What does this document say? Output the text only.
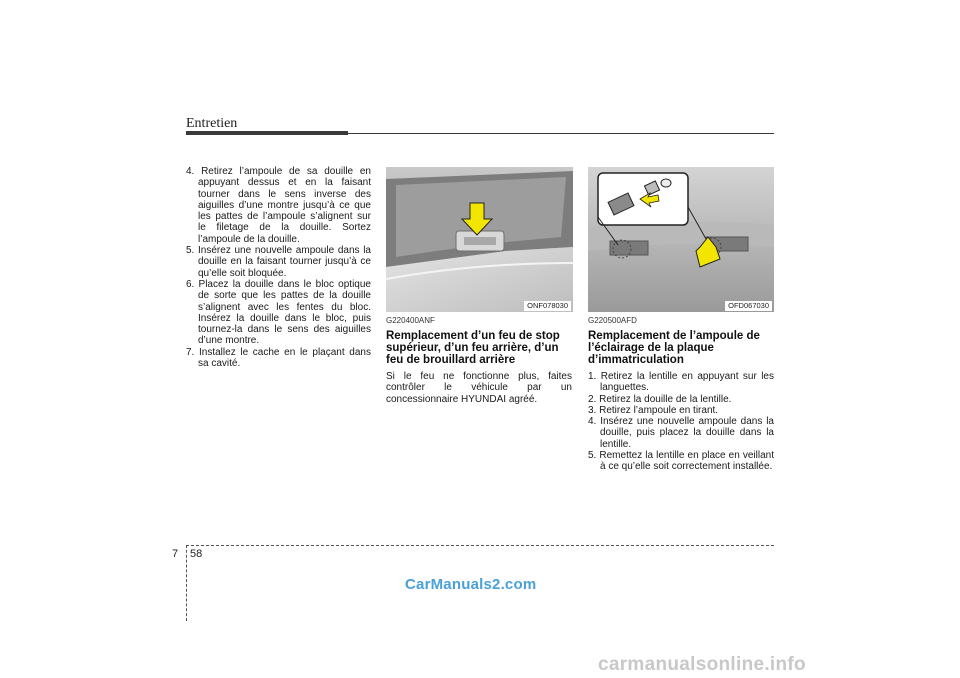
Entretien

4. Retirez l’ampoule de sa douille en appuyant dessus et en la faisant tourner dans le sens inverse des aiguilles d’une montre jusqu’à ce que les pattes de l’ampoule s’alignent sur le filetage de la douille. Sortez l’ampoule de la douille.

5. Insérez une nouvelle ampoule dans la douille en la faisant tourner jusqu’à ce qu’elle soit bloquée.

6. Placez la douille dans le bloc optique de sorte que les pattes de la douille s’alignent avec les fentes du bloc. Insérez la douille dans le bloc, puis tournez-la dans le sens des aiguilles d’une montre.

7. Installez le cache en le plaçant dans sa cavité.

ONF078030	OFD067030
G220400ANF
Remplacement d’un feu de stop supérieur, d’un feu arrière, d’un feu de brouillard arrière

Si le feu ne fonctionne plus, faites contrôler le véhicule par un concessionnaire HYUNDAI agréé.

G220500AFD
Remplacement de l’ampoule de l’éclairage de la plaque d’immatriculation

1. Retirez la lentille en appuyant sur les languettes.

2. Retirez la douille de la lentille.

3. Retirez l’ampoule en tirant.

4. Insérez une nouvelle ampoule dans la douille, puis placez la douille dans la lentille.

5. Remettez la lentille en place en veillant à ce qu’elle soit correctement installée.

7 58
CarManuals2.com
carmanualsonline.info
